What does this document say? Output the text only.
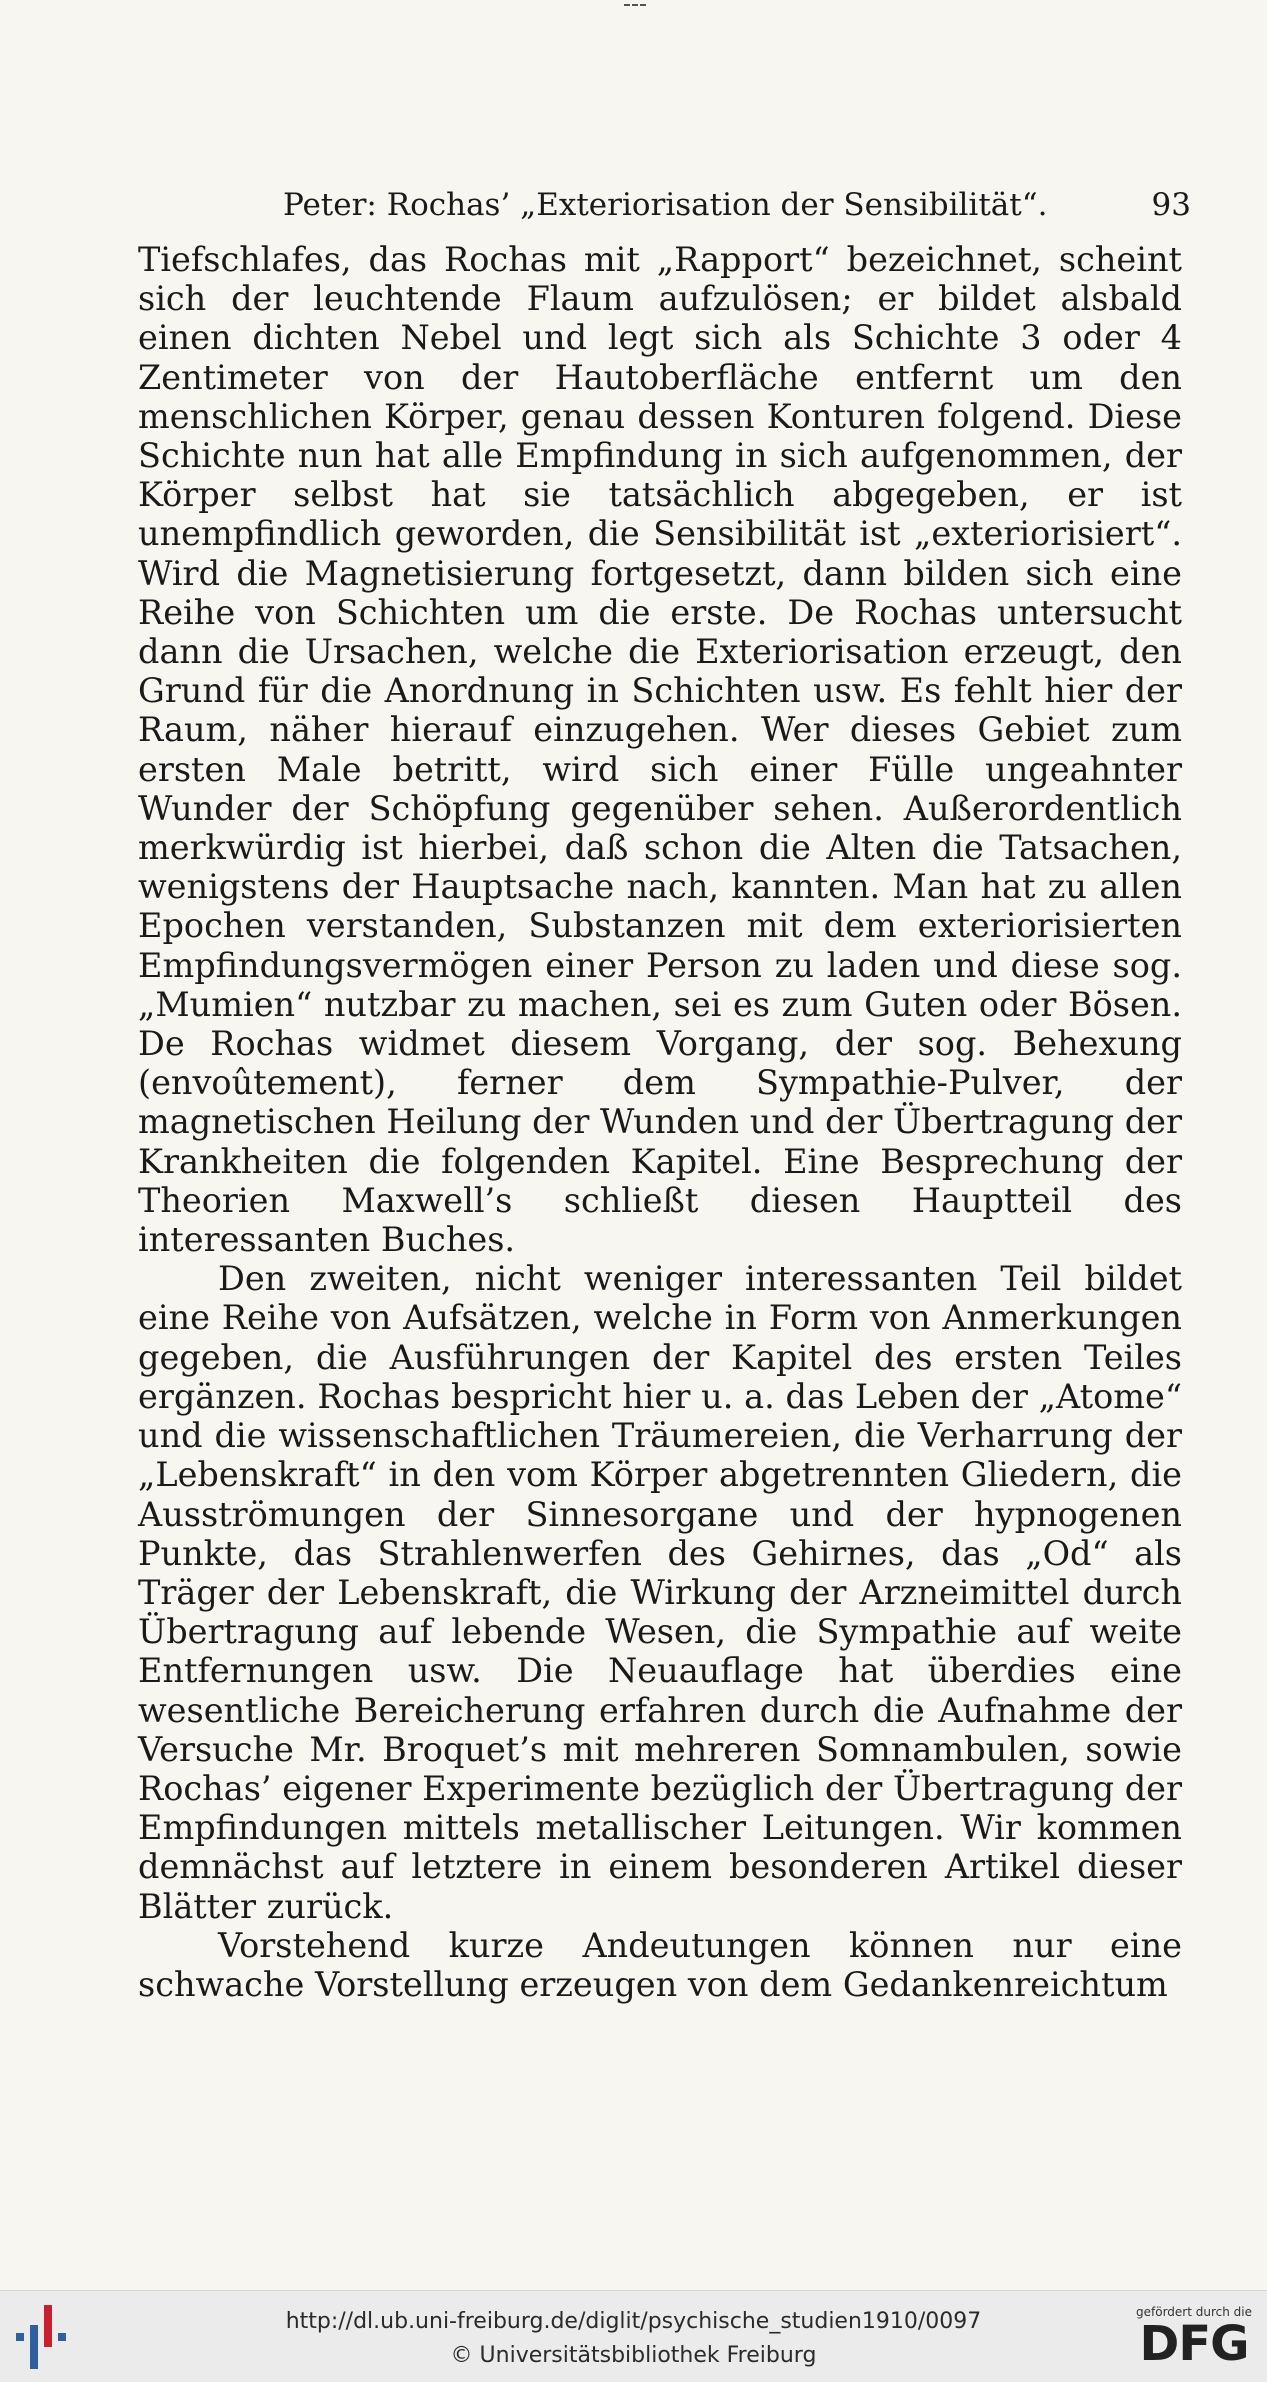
Peter: Rochas’ „Exteriorisation der Sensibilität“.	93

Tiefschlafes, das Rochas mit „Rapport“ bezeichnet, scheint sich der leuchtende Flaum aufzulösen; er bildet alsbald einen dichten Nebel und legt sich als Schichte 3 oder 4 Zentimeter von der Hautoberfläche entfernt um den menschlichen Körper, genau dessen Konturen folgend. Diese Schichte nun hat alle Empfindung in sich aufgenommen, der Körper selbst hat sie tatsächlich abgegeben, er ist unempfindlich geworden, die Sensibilität ist „exteriorisiert“. Wird die Magnetisierung fortgesetzt, dann bilden sich eine Reihe von Schichten um die erste. De Rochas untersucht dann die Ursachen, welche die Exteriorisation erzeugt, den Grund für die Anordnung in Schichten usw. Es fehlt hier der Raum, näher hierauf einzugehen. Wer dieses Gebiet zum ersten Male betritt, wird sich einer Fülle ungeahnter Wunder der Schöpfung gegenüber sehen. Außerordentlich merkwürdig ist hierbei, daß schon die Alten die Tatsachen, wenigstens der Hauptsache nach, kannten. Man hat zu allen Epochen verstanden, Substanzen mit dem exteriorisierten Empfindungsvermögen einer Person zu laden und diese sog. „Mumien“ nutzbar zu machen, sei es zum Guten oder Bösen. De Rochas widmet diesem Vorgang, der sog. Behexung (envoûtement), ferner dem Sympathie-Pulver, der magnetischen Heilung der Wunden und der Übertragung der Krankheiten die folgenden Kapitel. Eine Besprechung der Theorien Maxwell’s schließt diesen Hauptteil des interessanten Buches.

Den zweiten, nicht weniger interessanten Teil bildet eine Reihe von Aufsätzen, welche in Form von Anmerkungen gegeben, die Ausführungen der Kapitel des ersten Teiles ergänzen. Rochas bespricht hier u. a. das Leben der „Atome“ und die wissenschaftlichen Träumereien, die Verharrung der „Lebenskraft“ in den vom Körper abgetrennten Gliedern, die Ausströmungen der Sinnesorgane und der hypnogenen Punkte, das Strahlenwerfen des Gehirnes, das „Od“ als Träger der Lebenskraft, die Wirkung der Arzneimittel durch Übertragung auf lebende Wesen, die Sympathie auf weite Entfernungen usw. Die Neuauflage hat überdies eine wesentliche Bereicherung erfahren durch die Aufnahme der Versuche Mr. Broquet’s mit mehreren Somnambulen, sowie Rochas’ eigener Experimente bezüglich der Übertragung der Empfindungen mittels metallischer Leitungen. Wir kommen demnächst auf letztere in einem besonderen Artikel dieser Blätter zurück.

Vorstehend kurze Andeutungen können nur eine schwache Vorstellung erzeugen von dem Gedankenreichtum

http://dl.ub.uni-freiburg.de/diglit/psychische_studien1910/0097
© Universitätsbibliothek Freiburg
gefördert durch die
DFG
